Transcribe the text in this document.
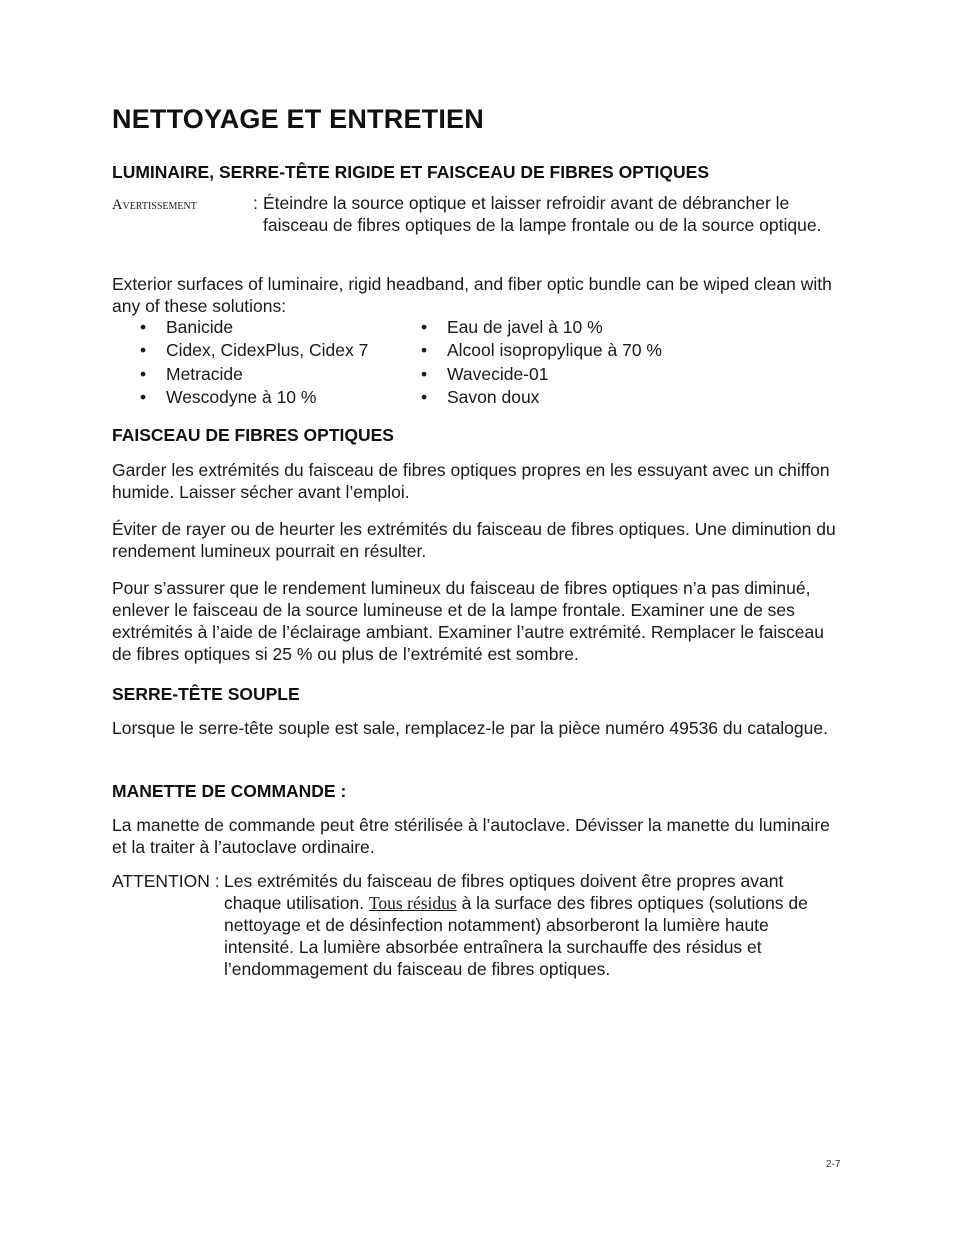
NETTOYAGE ET ENTRETIEN
LUMINAIRE, SERRE-TÊTE RIGIDE ET FAISCEAU DE FIBRES OPTIQUES
Avertissement	: Éteindre la source optique et laisser refroidir avant de débrancher le faisceau de fibres optiques de la lampe frontale ou de la source optique.

Exterior surfaces of luminaire, rigid headband, and fiber optic bundle can be wiped clean with any of these solutions:

• Banicide
• Cidex, CidexPlus, Cidex 7
• Metracide
• Wescodyne à 10 %
• Eau de javel à 10 %
• Alcool isopropylique à 70 %
• Wavecide-01
• Savon doux
FAISCEAU DE FIBRES OPTIQUES

Garder les extrémités du faisceau de fibres optiques propres en les essuyant avec un chiffon humide. Laisser sécher avant l’emploi.

Éviter de rayer ou de heurter les extrémités du faisceau de fibres optiques. Une diminution du rendement lumineux pourrait en résulter.

Pour s’assurer que le rendement lumineux du faisceau de fibres optiques n’a pas diminué, enlever le faisceau de la source lumineuse et de la lampe frontale. Examiner une de ses extrémités à l’aide de l’éclairage ambiant. Examiner l’autre extrémité. Remplacer le faisceau de fibres optiques si 25 % ou plus de l’extrémité est sombre.

SERRE-TÊTE SOUPLE

Lorsque le serre-tête souple est sale, remplacez-le par la pièce numéro 49536 du catalogue.

MANETTE DE COMMANDE :

La manette de commande peut être stérilisée à l’autoclave. Dévisser la manette du luminaire et la traiter à l’autoclave ordinaire.

ATTENTION : Les extrémités du faisceau de fibres optiques doivent être propres avant chaque utilisation. Tous résidus à la surface des fibres optiques (solutions de nettoyage et de désinfection notamment) absorberont la lumière haute intensité. La lumière absorbée entraînera la surchauffe des résidus et l’endommagement du faisceau de fibres optiques.
2-7
